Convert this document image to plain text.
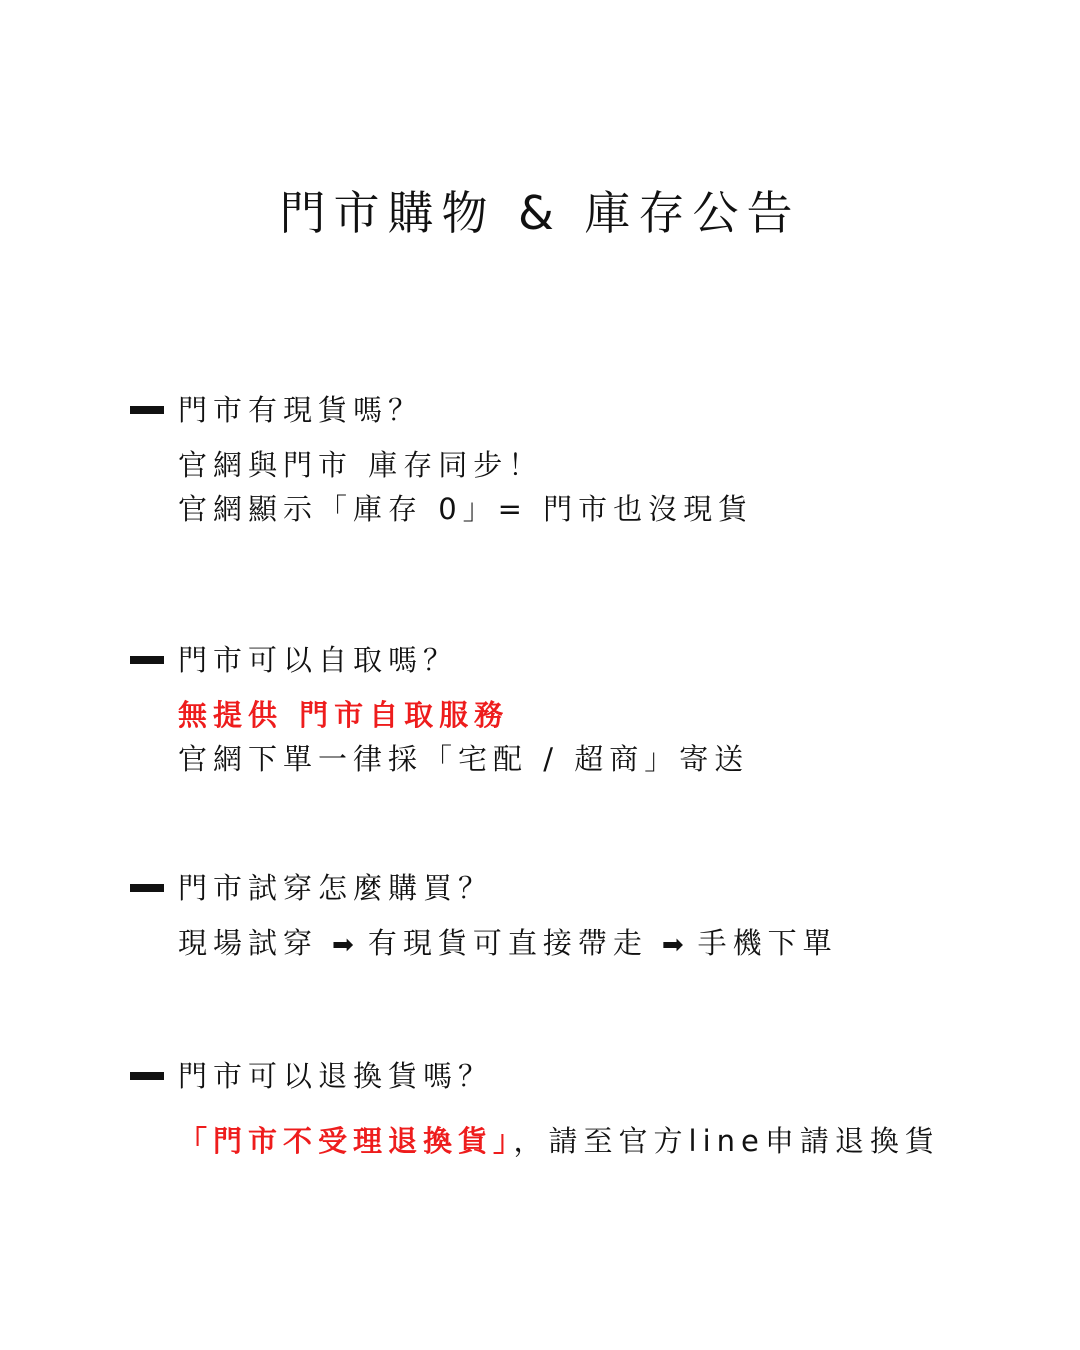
門市購物 & 庫存公告
門市有現貨嗎？
官網與門市 庫存同步！
官網顯示「庫存 0」= 門市也沒現貨
門市可以自取嗎？
無提供 門市自取服務
官網下單一律採「宅配 / 超商」寄送
門市試穿怎麼購買？
現場試穿 ➡ 有現貨可直接帶走 ➡ 手機下單
門市可以退換貨嗎？
「門市不受理退換貨」，請至官方line申請退換貨
